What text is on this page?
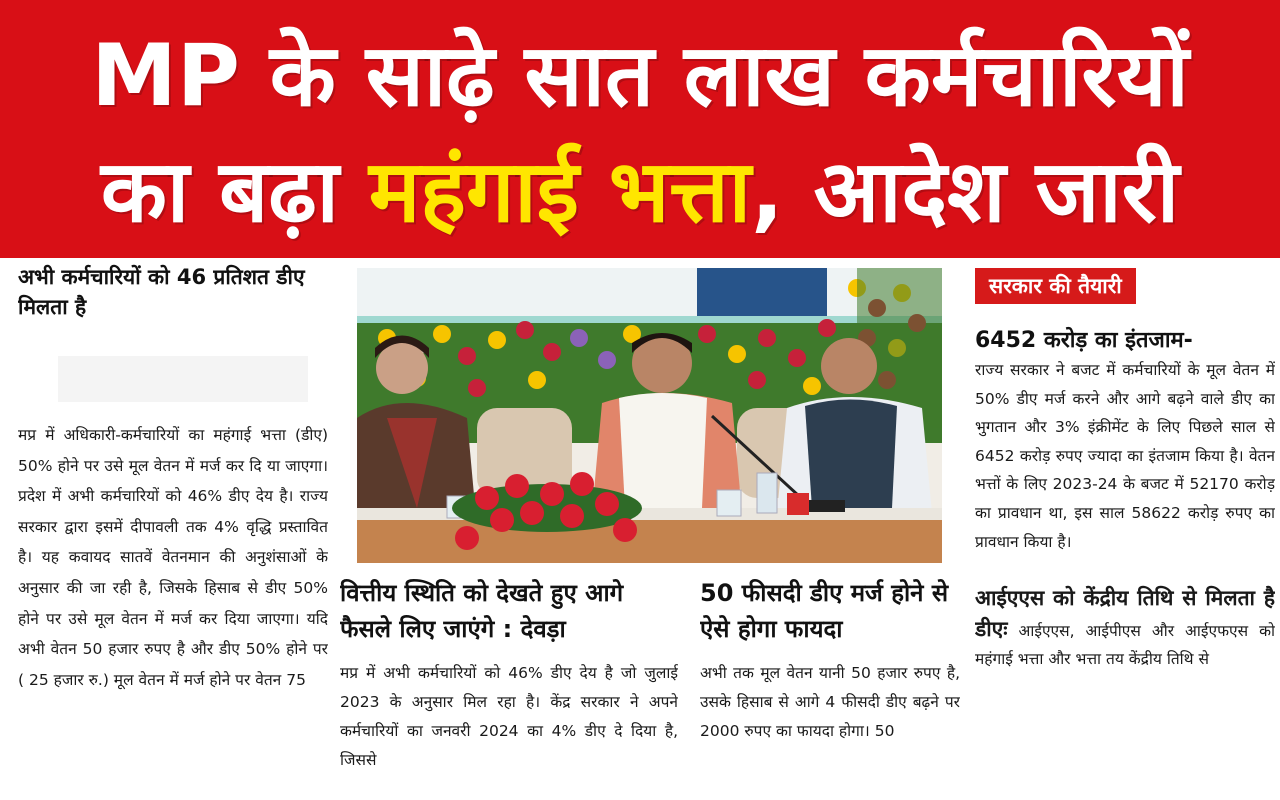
MP के साढ़े सात लाख कर्मचारियों
का बढ़ा महंगाई भत्ता, आदेश जारी
अभी कर्मचारियों को 46 प्रतिशत डीए मिलता है
मप्र में अधिकारी-कर्मचारियों का महंगाई भत्ता (डीए) 50% होने पर उसे मूल वेतन में मर्ज कर दि या जाएगा। प्रदेश में अभी कर्मचारियों को 46% डीए देय है। राज्य सरकार द्वारा इसमें दीपावली तक 4% वृद्धि प्रस्तावित है। यह कवायद सातवें वेतनमान की अनुशंसाओं के अनुसार की जा रही है, जिसके हिसाब से डीए 50% होने पर उसे मूल वेतन में मर्ज कर दिया जाएगा। यदि अभी वेतन 50 हजार रुपए है और डीए 50% होने पर ( 25 हजार रु.) मूल वेतन में मर्ज होने पर वेतन 75
वित्तीय स्थिति को देखते हुए आगे फैसले लिए जाएंगे : देवड़ा
मप्र में अभी कर्मचारियों को 46% डीए देय है जो जुलाई 2023 के अनुसार मिल रहा है। केंद्र सरकार ने अपने कर्मचारियों का जनवरी 2024 का 4% डीए दे दिया है, जिससे
50 फीसदी डीए मर्ज होने से ऐसे होगा फायदा
अभी तक मूल वेतन यानी 50 हजार रुपए है, उसके हिसाब से आगे 4 फीसदी डीए बढ़ने पर 2000 रुपए का फायदा होगा। 50
सरकार की तैयारी
6452 करोड़ का इंतजाम-
राज्य सरकार ने बजट में कर्मचारियों के मूल वेतन में 50% डीए मर्ज करने और आगे बढ़ने वाले डीए का भुगतान और 3% इंक्रीमेंट के लिए पिछले साल से 6452 करोड़ रुपए ज्यादा का इंतजाम किया है। वेतन भत्तों के लिए 2023-24 के बजट में 52170 करोड़ का प्रावधान था, इस साल 58622 करोड़ रुपए का प्रावधान किया है।
आईएएस को केंद्रीय तिथि से मिलता है डीएः आईएएस, आईपीएस और आईएफएस को महंगाई भत्ता और भत्ता तय केंद्रीय तिथि से
